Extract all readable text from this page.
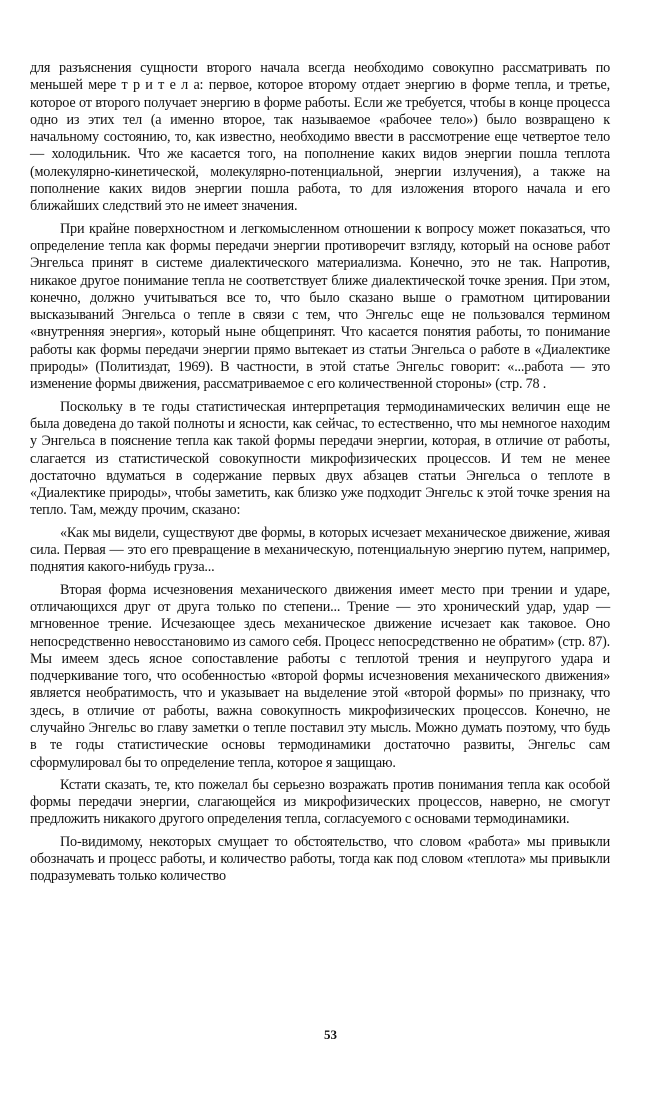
для разъяснения сущности второго начала всегда необходимо совокупно рассматривать по меньшей мере т р и т е л а: первое, которое второму отдает энергию в форме тепла, и третье, которое от второго получает энергию в форме работы. Если же требуется, чтобы в конце процесса одно из этих тел (а именно второе, так называемое «рабочее тело») было возвращено к начальному состоянию, то, как известно, необходимо ввести в рассмотрение еще четвертое тело — холодильник. Что же касается того, на пополнение каких видов энергии пошла теплота (молекулярно-кинетической, молекулярно-потенциальной, энергии излучения), а также на пополнение каких видов энергии пошла работа, то для изложения второго начала и его ближайших следствий это не имеет значения.

При крайне поверхностном и легкомысленном отношении к вопросу может показаться, что определение тепла как формы передачи энергии противоречит взгляду, который на основе работ Энгельса принят в системе диалектического материализма. Конечно, это не так. Напротив, никакое другое понимание тепла не соответствует ближе диалектической точке зрения. При этом, конечно, должно учитываться все то, что было сказано выше о грамотном цитировании высказываний Энгельса о тепле в связи с тем, что Энгельс еще не пользовался термином «внутренняя энергия», который ныне общепринят. Что касается понятия работы, то понимание работы как формы передачи энергии прямо вытекает из статьи Энгельса о работе в «Диалектике природы» (Политиздат, 1969). В частности, в этой статье Энгельс говорит: «...работа — это изменение формы движения, рассматриваемое с его количественной стороны» (стр. 78 .

Поскольку в те годы статистическая интерпретация термодинамических величин еще не была доведена до такой полноты и ясности, как сейчас, то естественно, что мы немногое находим у Энгельса в пояснение тепла как такой формы передачи энергии, которая, в отличие от работы, слагается из статистической совокупности микрофизических процессов. И тем не менее достаточно вдуматься в содержание первых двух абзацев статьи Энгельса о теплоте в «Диалектике природы», чтобы заметить, как близко уже подходит Энгельс к этой точке зрения на тепло. Там, между прочим, сказано:

«Как мы видели, существуют две формы, в которых исчезает механическое движение, живая сила. Первая — это его превращение в механическую, потенциальную энергию путем, например, поднятия какого-нибудь груза...

Вторая форма исчезновения механического движения имеет место при трении и ударе, отличающихся друг от друга только по степени... Трение — это хронический удар, удар — мгновенное трение. Исчезающее здесь механическое движение исчезает как таковое. Оно непосредственно невосстановимо из самого себя. Процесс непосредственно не обратим» (стр. 87). Мы имеем здесь ясное сопоставление работы с теплотой трения и неупругого удара и подчеркивание того, что особенностью «второй формы исчезновения механического движения» является необратимость, что и указывает на выделение этой «второй формы» по признаку, что здесь, в отличие от работы, важна совокупность микрофизических процессов. Конечно, не случайно Энгельс во главу заметки о тепле поставил эту мысль. Можно думать поэтому, что будь в те годы статистические основы термодинамики достаточно развиты, Энгельс сам сформулировал бы то определение тепла, которое я защищаю.

Кстати сказать, те, кто пожелал бы серьезно возражать против понимания тепла как особой формы передачи энергии, слагающейся из микрофизических процессов, наверно, не смогут предложить никакого другого определения тепла, согласуемого с основами термодинамики.

По-видимому, некоторых смущает то обстоятельство, что словом «работа» мы привыкли обозначать и процесс работы, и количество работы, тогда как под словом «теплота» мы привыкли подразумевать только количество

53
